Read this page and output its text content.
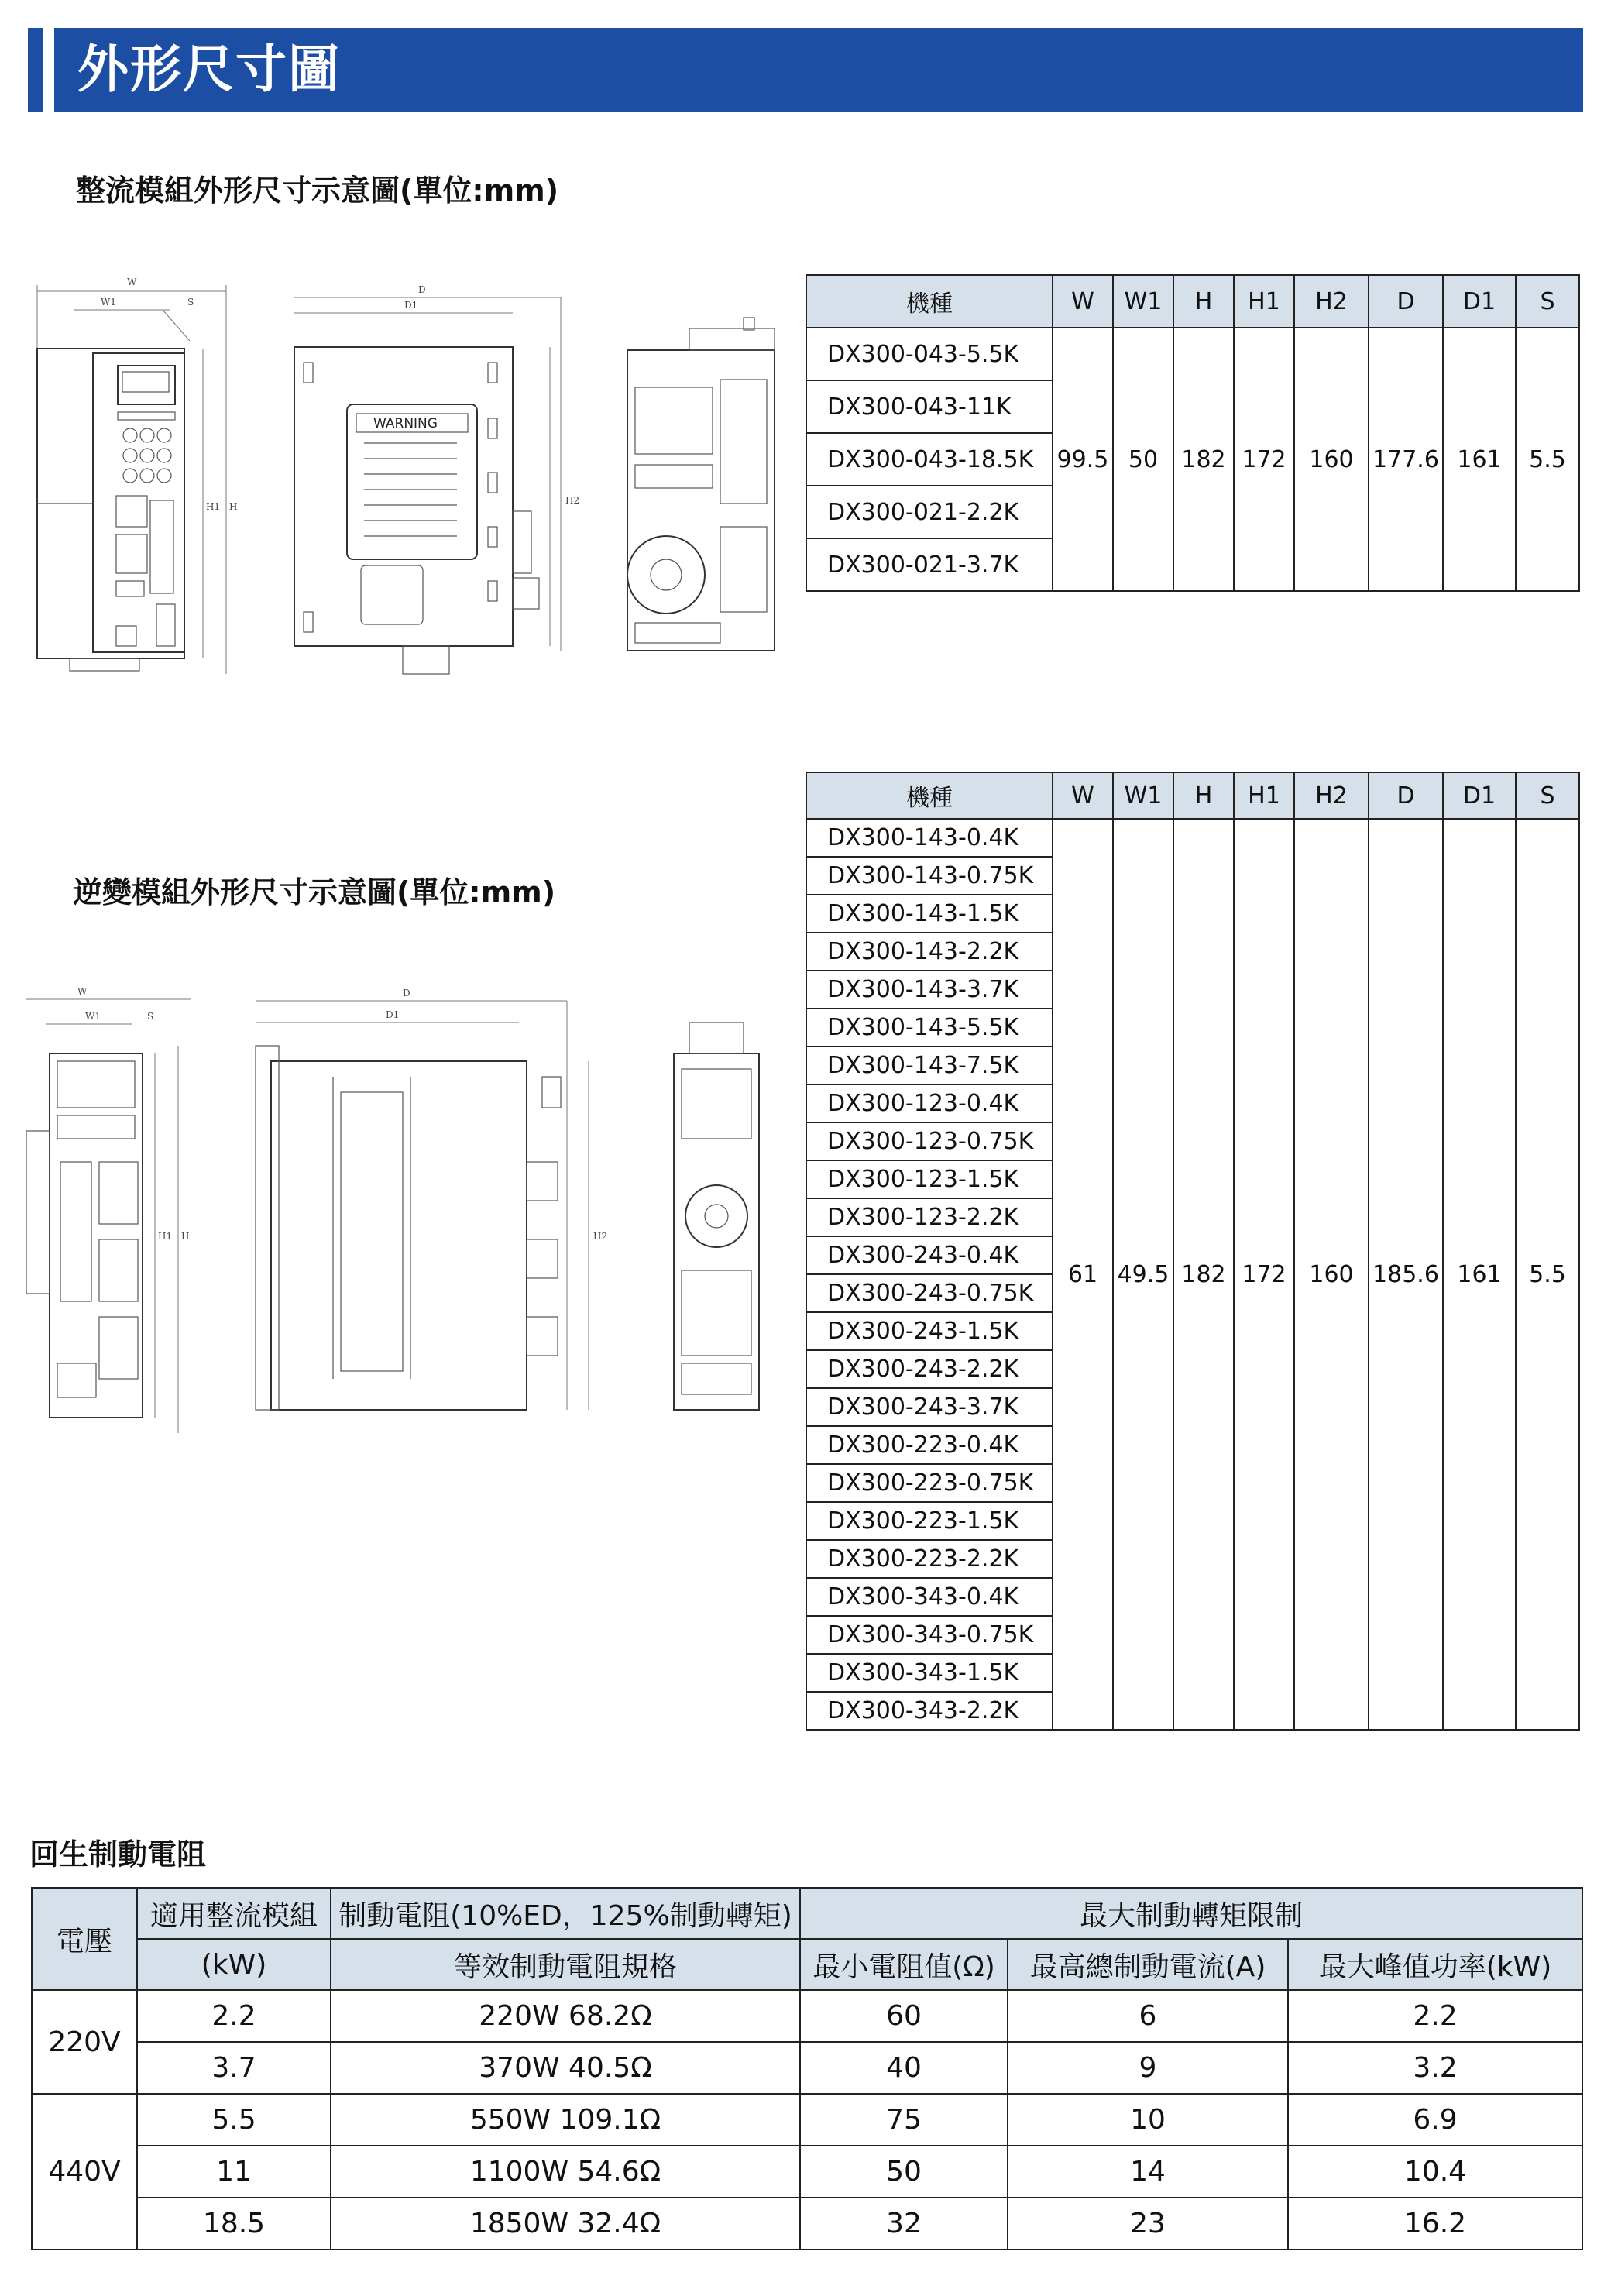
外形尺寸圖
整流模組外形尺寸示意圖(單位:mm)
W
W1	S
H1 H
D
D1
WARNING
H2
機種	W	W1	H	H1	H2	D	D1	S
DX300-043-5.5K	99.5	50	182	172	160	177.6	161	5.5
DX300-043-11K								
DX300-043-18.5K								
DX300-021-2.2K								
DX300-021-3.7K								
逆變模組外形尺寸示意圖(單位:mm)
W
W1	S
H1 H
D
D1
H2
機種	W	W1	H	H1	H2	D	D1	S
DX300-143-0.4K	61	49.5	182	172	160	185.6	161	5.5
DX300-143-0.75K								
DX300-143-1.5K								
DX300-143-2.2K								
DX300-143-3.7K								
DX300-143-5.5K								
DX300-143-7.5K								
DX300-123-0.4K								
DX300-123-0.75K								
DX300-123-1.5K								
DX300-123-2.2K								
DX300-243-0.4K								
DX300-243-0.75K								
DX300-243-1.5K								
DX300-243-2.2K								
DX300-243-3.7K								
DX300-223-0.4K								
DX300-223-0.75K								
DX300-223-1.5K								
DX300-223-2.2K								
DX300-343-0.4K								
DX300-343-0.75K								
DX300-343-1.5K								
DX300-343-2.2K								
回生制動電阻
電壓	適用整流模組	制動電阻(10%ED，125%制動轉矩)	最大制動轉矩限制		
	(kW)	等效制動電阻規格	最小電阻值(Ω)	最高總制動電流(A)	最大峰值功率(kW)
220V	2.2	220W 68.2Ω	60	6	2.2
	3.7	370W 40.5Ω	40	9	3.2
440V	5.5	550W 109.1Ω	75	10	6.9
	11	1100W 54.6Ω	50	14	10.4
	18.5	1850W 32.4Ω	32	23	16.2
